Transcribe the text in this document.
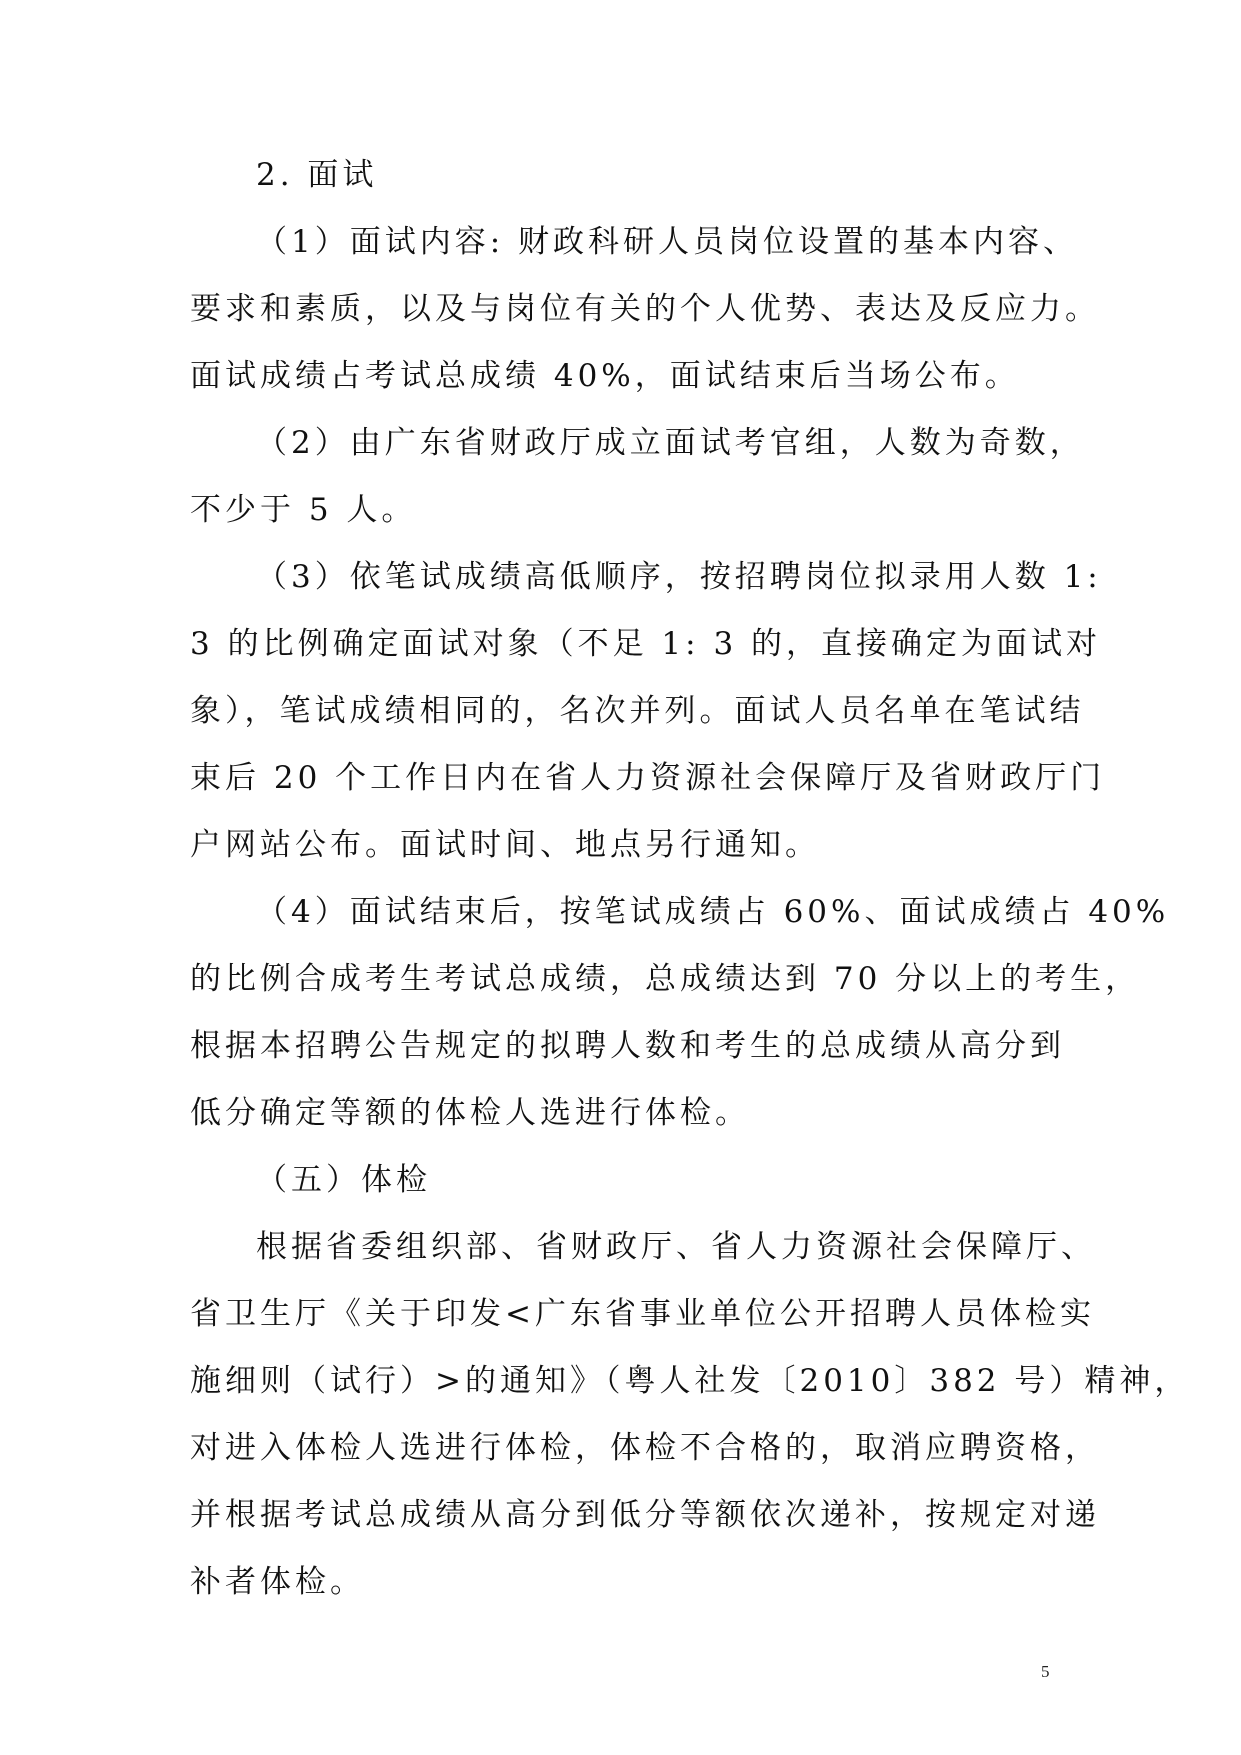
2. 面试
（1）面试内容: 财政科研人员岗位设置的基本内容、
要求和素质，以及与岗位有关的个人优势、表达及反应力。
面试成绩占考试总成绩 40%，面试结束后当场公布。
（2）由广东省财政厅成立面试考官组，人数为奇数，
不少于 5 人。
（3）依笔试成绩高低顺序，按招聘岗位拟录用人数 1:
3 的比例确定面试对象（不足 1: 3 的，直接确定为面试对
象），笔试成绩相同的，名次并列。面试人员名单在笔试结
束后 20 个工作日内在省人力资源社会保障厅及省财政厅门
户网站公布。面试时间、地点另行通知。
（4）面试结束后，按笔试成绩占 60%、面试成绩占 40%
的比例合成考生考试总成绩，总成绩达到 70 分以上的考生，
根据本招聘公告规定的拟聘人数和考生的总成绩从高分到
低分确定等额的体检人选进行体检。
（五）体检
根据省委组织部、省财政厅、省人力资源社会保障厅、
省卫生厅《关于印发<广东省事业单位公开招聘人员体检实
施细则（试行）>的通知》（粤人社发〔2010〕382 号）精神，
对进入体检人选进行体检，体检不合格的，取消应聘资格，
并根据考试总成绩从高分到低分等额依次递补，按规定对递
补者体检。
5
